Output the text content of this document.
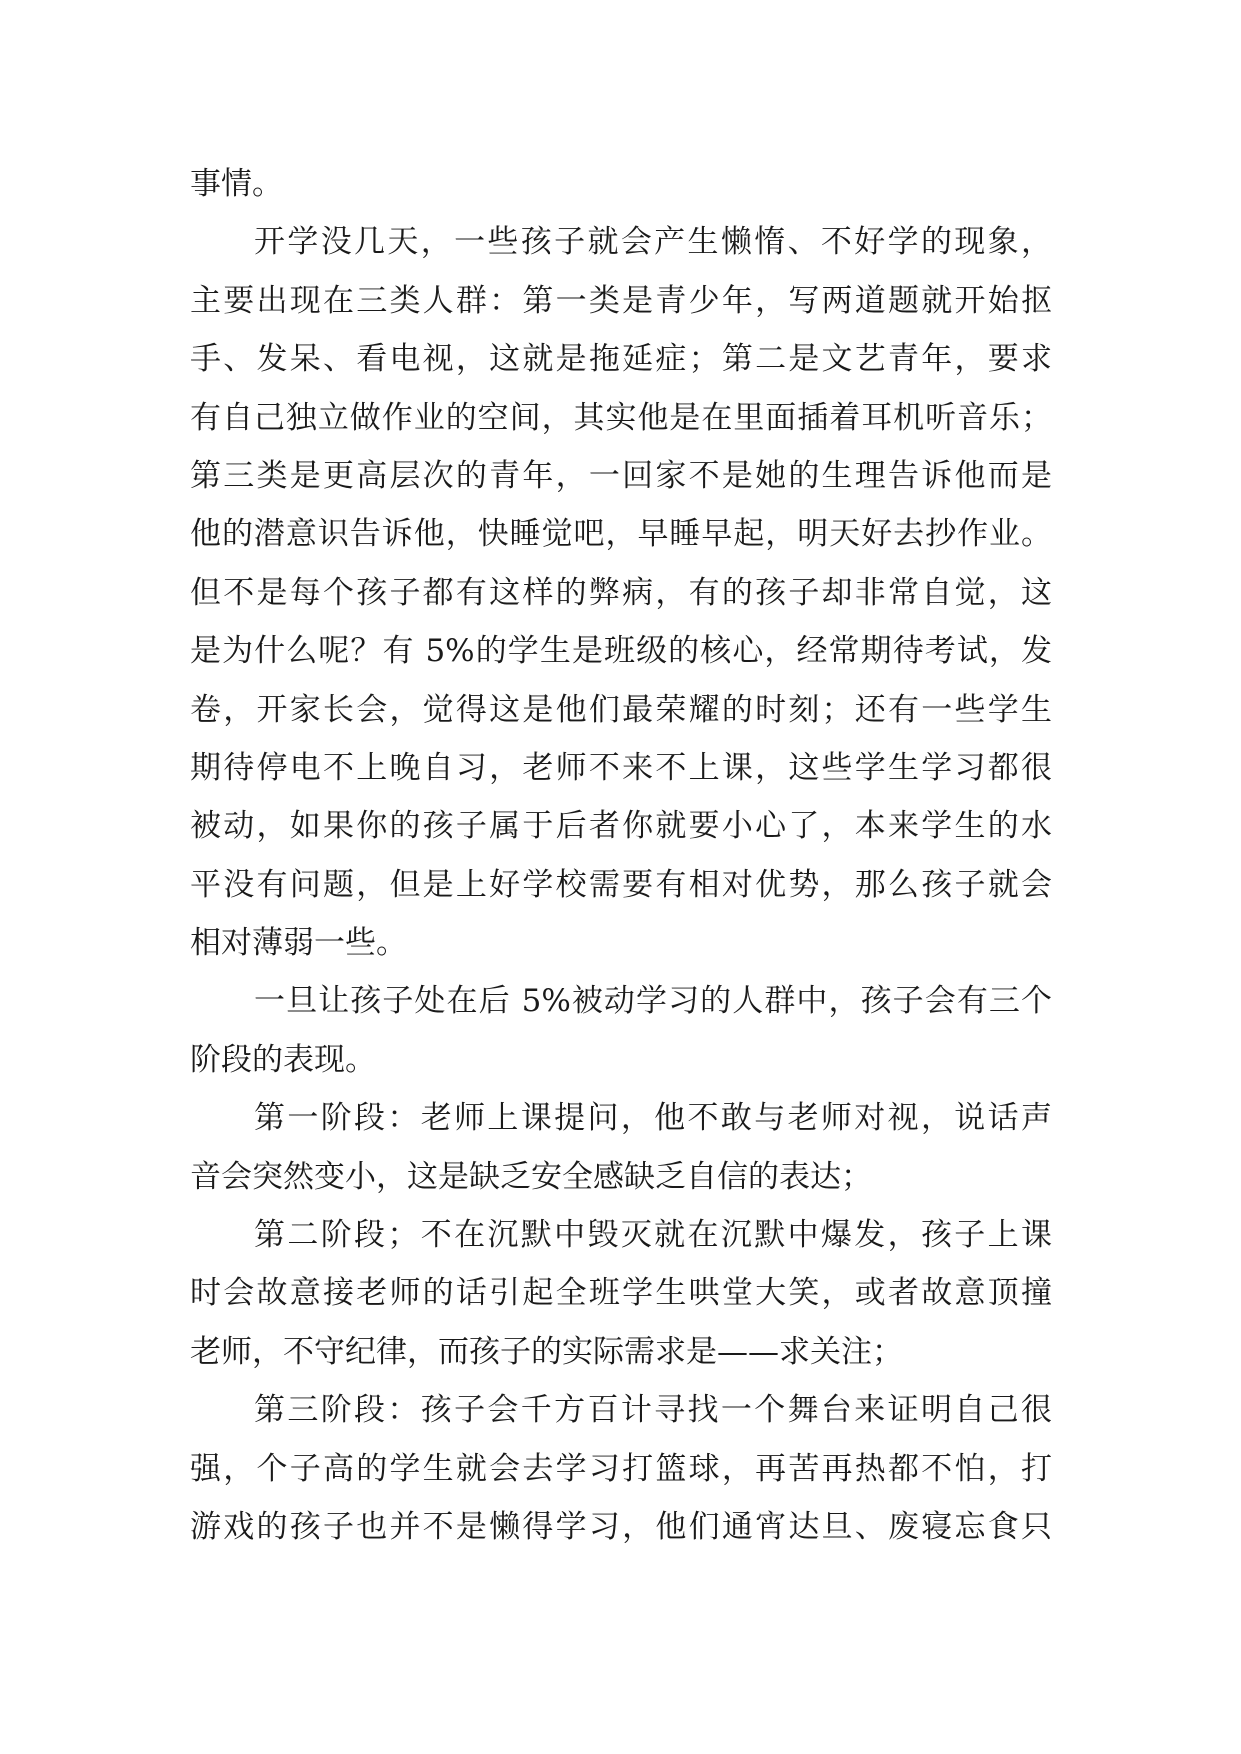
事情。
开学没几天，一些孩子就会产生懒惰、不好学的现象，
主要出现在三类人群：第一类是青少年，写两道题就开始抠
手、发呆、看电视，这就是拖延症；第二是文艺青年，要求
有自己独立做作业的空间，其实他是在里面插着耳机听音乐；
第三类是更高层次的青年，一回家不是她的生理告诉他而是
他的潜意识告诉他，快睡觉吧，早睡早起，明天好去抄作业。
但不是每个孩子都有这样的弊病，有的孩子却非常自觉，这
是为什么呢？有 5%的学生是班级的核心，经常期待考试，发
卷，开家长会，觉得这是他们最荣耀的时刻；还有一些学生
期待停电不上晚自习，老师不来不上课，这些学生学习都很
被动，如果你的孩子属于后者你就要小心了，本来学生的水
平没有问题，但是上好学校需要有相对优势，那么孩子就会
相对薄弱一些。
一旦让孩子处在后 5%被动学习的人群中，孩子会有三个
阶段的表现。
第一阶段：老师上课提问，他不敢与老师对视，说话声
音会突然变小，这是缺乏安全感缺乏自信的表达；
第二阶段；不在沉默中毁灭就在沉默中爆发，孩子上课
时会故意接老师的话引起全班学生哄堂大笑，或者故意顶撞
老师，不守纪律，而孩子的实际需求是——求关注；
第三阶段：孩子会千方百计寻找一个舞台来证明自己很
强，个子高的学生就会去学习打篮球，再苦再热都不怕，打
游戏的孩子也并不是懒得学习，他们通宵达旦、废寝忘食只
